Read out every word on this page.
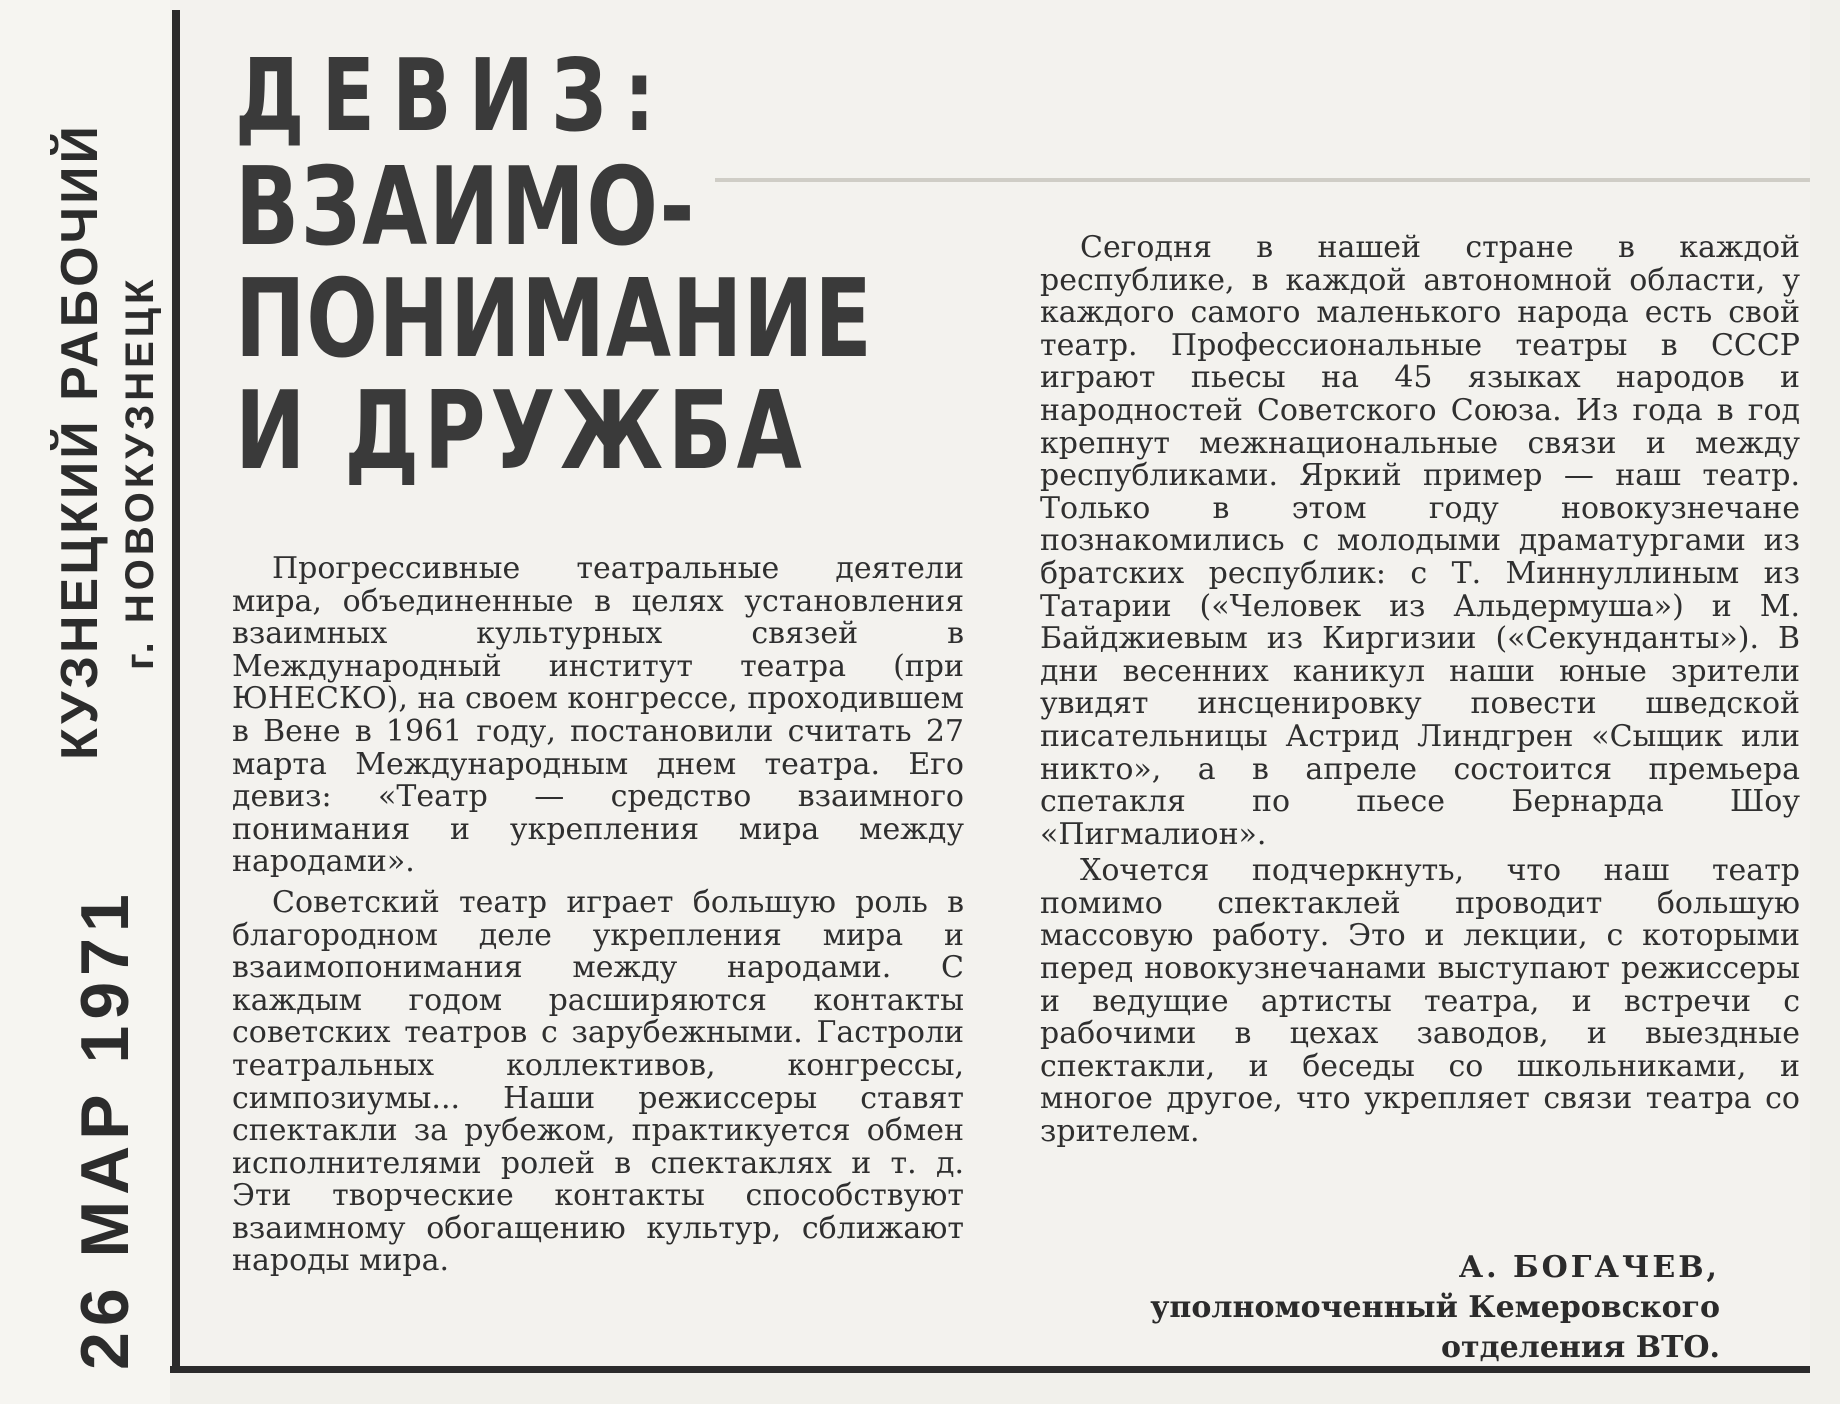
КУЗНЕЦКИЙ РАБОЧИЙ г. НОВОКУЗНЕЦК
26 МАР 1971
ДЕВИЗ:
ВЗАИМО-
ПОНИМАНИЕ
И ДРУЖБА

Прогрессивные театральные деятели мира, объединенные в целях установления взаимных культурных связей в Международный институт театра (при ЮНЕСКО), на своем конгрессе, проходившем в Вене в 1961 году, постановили считать 27 марта Международным днем театра. Его девиз: «Театр — средство взаимного понимания и укрепления мира между народами».

Советский театр играет большую роль в благородном деле укрепления мира и взаимопонимания между народами. С каждым годом расширяются контакты советских театров с зарубежными. Гастроли театральных коллективов, конгрессы, симпозиумы... Наши режиссеры ставят спектакли за рубежом, практикуется обмен исполнителями ролей в спектаклях и т. д. Эти творческие контакты способствуют взаимному обогащению культур, сближают народы мира.

Сегодня в нашей стране в каждой республике, в каждой автономной области, у каждого самого маленького народа есть свой театр. Профессиональные театры в СССР играют пьесы на 45 языках народов и народностей Советского Союза. Из года в год крепнут межнациональные связи и между республиками. Яркий пример — наш театр. Только в этом году новокузнечане познакомились с молодыми драматургами из братских республик: с Т. Миннуллиным из Татарии («Человек из Альдермуша») и М. Байджиевым из Киргизии («Секунданты»). В дни весенних каникул наши юные зрители увидят инсценировку повести шведской писательницы Астрид Линдгрен «Сыщик или никто», а в апреле состоится премьера спетакля по пьесе Бернарда Шоу «Пигмалион».

Хочется подчеркнуть, что наш театр помимо спектаклей проводит большую массовую работу. Это и лекции, с которыми перед новокузнечанами выступают режиссеры и ведущие артисты театра, и встречи с рабочими в цехах заводов, и выездные спектакли, и беседы со школьниками, и многое другое, что укрепляет связи театра со зрителем.

А. БОГАЧЕВ,
уполномоченный Кемеровского
отделения ВТО.
